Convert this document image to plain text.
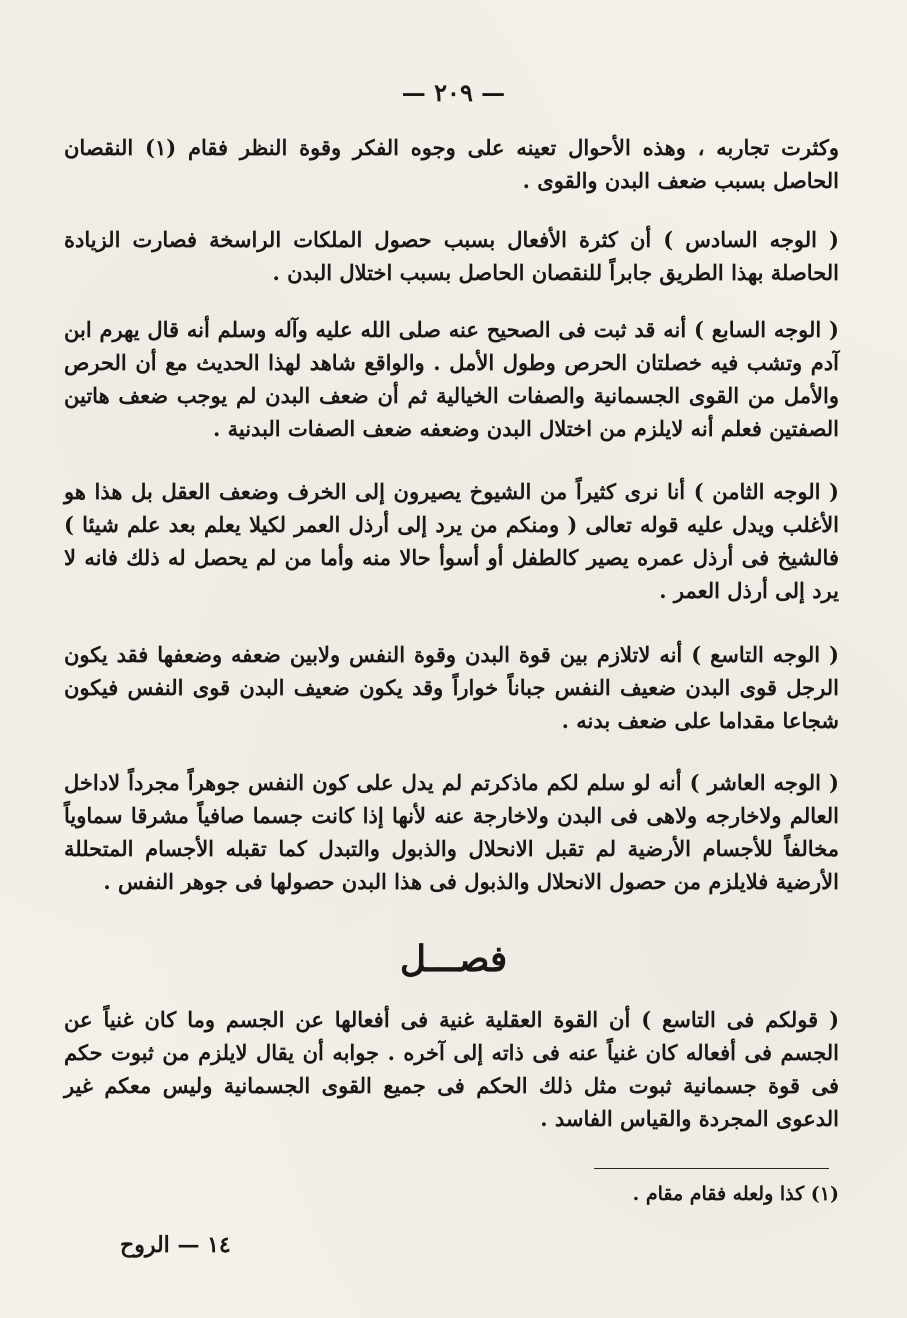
— ٢٠٩ —

وكثرت تجاربه ، وهذه الأحوال تعينه على وجوه الفكر وقوة النظر فقام (١) النقصان الحاصل بسبب ضعف البدن والقوى .

( الوجه السادس ) أن كثرة الأفعال بسبب حصول الملكات الراسخة فصارت الزيادة الحاصلة بهذا الطريق جابراً للنقصان الحاصل بسبب اختلال البدن .

( الوجه السابع ) أنه قد ثبت فى الصحيح عنه صلى الله عليه وآله وسلم أنه قال يهرم ابن آدم وتشب فيه خصلتان الحرص وطول الأمل . والواقع شاهد لهذا الحديث مع أن الحرص والأمل من القوى الجسمانية والصفات الخيالية ثم أن ضعف البدن لم يوجب ضعف هاتين الصفتين فعلم أنه لايلزم من اختلال البدن وضعفه ضعف الصفات البدنية .

( الوجه الثامن ) أنا نرى كثيراً من الشيوخ يصيرون إلى الخرف وضعف العقل بل هذا هو الأغلب ويدل عليه قوله تعالى ( ومنكم من يرد إلى أرذل العمر لكيلا يعلم بعد علم شيئا ) فالشيخ فى أرذل عمره يصير كالطفل أو أسوأ حالا منه وأما من لم يحصل له ذلك فانه لا يرد إلى أرذل العمر .

( الوجه التاسع ) أنه لاتلازم بين قوة البدن وقوة النفس ولابين ضعفه وضعفها فقد يكون الرجل قوى البدن ضعيف النفس جباناً خواراً وقد يكون ضعيف البدن قوى النفس فيكون شجاعا مقداما على ضعف بدنه .

( الوجه العاشر ) أنه لو سلم لكم ماذكرتم لم يدل على كون النفس جوهراً مجرداً لاداخل العالم ولاخارجه ولاهى فى البدن ولاخارجة عنه لأنها إذا كانت جسما صافياً مشرقا سماوياً مخالفاً للأجسام الأرضية لم تقبل الانحلال والذبول والتبدل كما تقبله الأجسام المتحللة الأرضية فلايلزم من حصول الانحلال والذبول فى هذا البدن حصولها فى جوهر النفس .

فصـــل

( قولكم فى التاسع ) أن القوة العقلية غنية فى أفعالها عن الجسم وما كان غنياً عن الجسم فى أفعاله كان غنياً عنه فى ذاته إلى آخره . جوابه أن يقال لايلزم من ثبوت حكم فى قوة جسمانية ثبوت مثل ذلك الحكم فى جميع القوى الجسمانية وليس معكم غير الدعوى المجردة والقياس الفاسد .

(١) كذا ولعله فقام مقام .
١٤ — الروح
